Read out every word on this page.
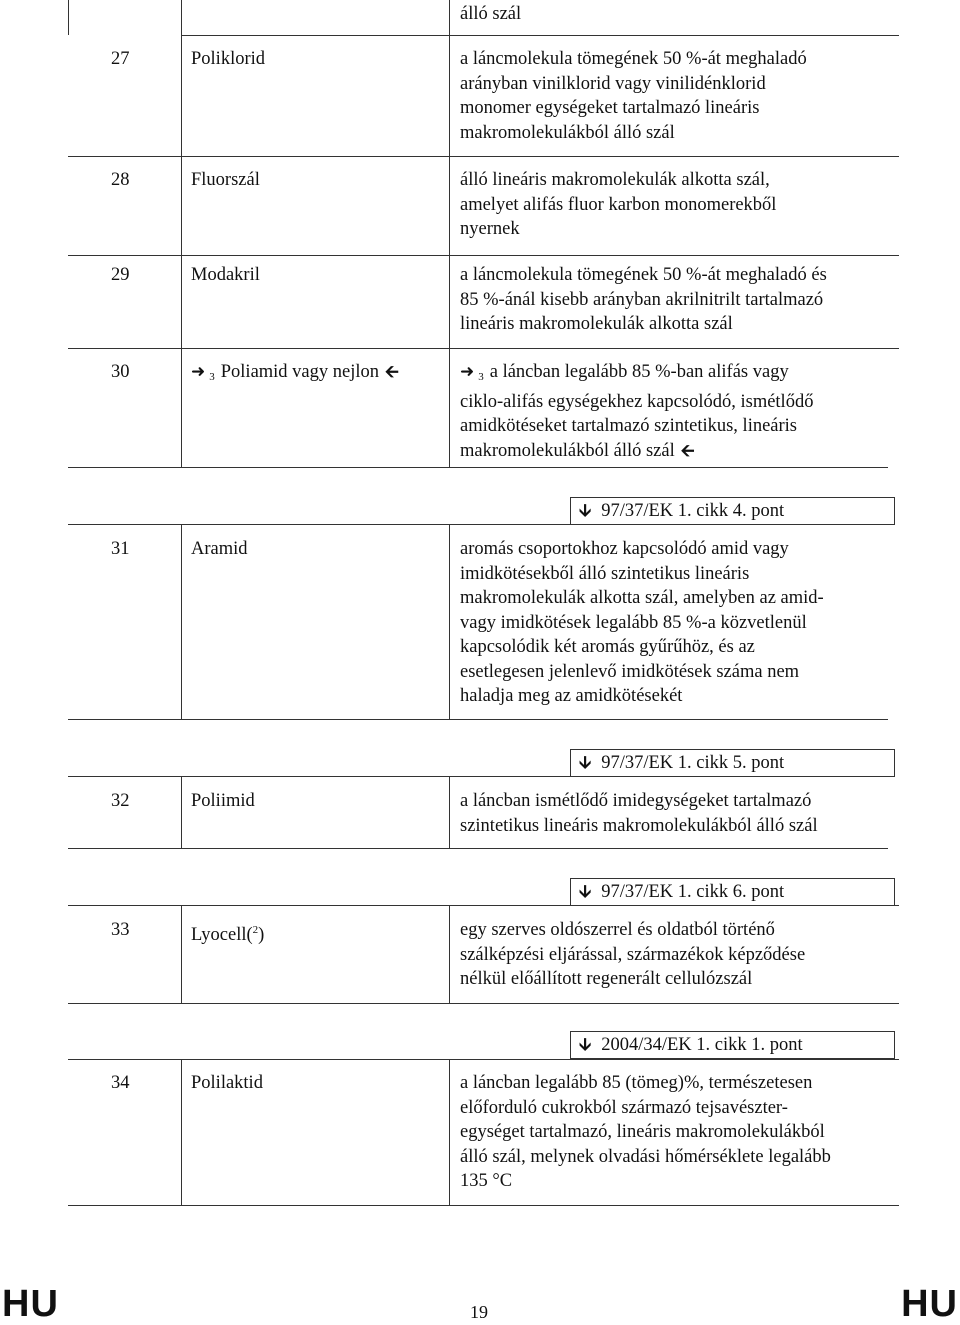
álló szál
27	Poliklorid	a láncmolekula tömegének 50 %-át meghaladó
arányban vinilklorid vagy vinilidénklorid
monomer egységeket tartalmazó lineáris
makromolekulákból álló szál
28	Fluorszál	álló lineáris makromolekulák alkotta szál,
amelyet alifás fluor karbon monomerekből
nyernek
29	Modakril	a láncmolekula tömegének 50 %-át meghaladó és
85 %-ánál kisebb arányban akrilnitrilt tartalmazó
lineáris makromolekulák alkotta szál
30	➜ $_3$ Poliamid vagy nejlon 🡨	➜ $_3$ a láncban legalább 85 %-ban alifás vagy
ciklo-alifás egységekhez kapcsolódó, ismétlődő
amidkötéseket tartalmazó szintetikus, lineáris
makromolekulákból álló szál 🡨
🡫 97/37/EK 1. cikk 4. pont
31	Aramid	aromás csoportokhoz kapcsolódó amid vagy
imidkötésekből álló szintetikus lineáris
makromolekulák alkotta szál, amelyben az amid-
vagy imidkötések legalább 85 %-a közvetlenül
kapcsolódik két aromás gyűrűhöz, és az
esetlegesen jelenlevő imidkötések száma nem
haladja meg az amidkötésekét
🡫 97/37/EK 1. cikk 5. pont
32	Poliimid	a láncban ismétlődő imidegységeket tartalmazó
szintetikus lineáris makromolekulákból álló szál
🡫 97/37/EK 1. cikk 6. pont
33	Lyocell($^2$)	egy szerves oldószerrel és oldatból történő
szálképzési eljárással, származékok képződése
nélkül előállított regenerált cellulózszál
🡫 2004/34/EK 1. cikk 1. pont
34	Polilaktid	a láncban legalább 85 (tömeg)%, természetesen
előforduló cukrokból származó tejsavészter-
egységet tartalmazó, lineáris makromolekulákból
álló szál, melynek olvadási hőmérséklete legalább
135 °C
HU	19	HU
